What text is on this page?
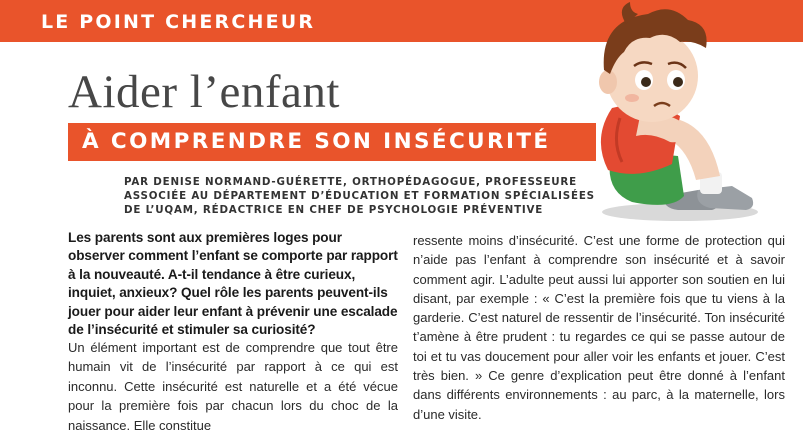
LE POINT CHERCHEUR
Aider l’enfant
À COMPRENDRE SON INSÉCURITÉ
PAR DENISE NORMAND-GUÉRETTE, ORTHOPÉDAGOGUE, PROFESSEURE ASSOCIÉE AU DÉPARTEMENT D’ÉDUCATION ET FORMATION SPÉCIALISÉES DE L’UQAM, RÉDACTRICE EN CHEF DE PSYCHOLOGIE PRÉVENTIVE
Les parents sont aux premières loges pour observer comment l’enfant se comporte par rapport à la nouveauté. A-t-il tendance à être curieux, inquiet, anxieux? Quel rôle les parents peuvent-ils jouer pour aider leur enfant à prévenir une escalade de l’insécurité et stimuler sa curiosité?
Un élément important est de comprendre que tout être humain vit de l’insécurité par rapport à ce qui est inconnu. Cette insécurité est naturelle et a été vécue pour la première fois par chacun lors du choc de la naissance. Elle constitue
ressente moins d’insécurité. C’est une forme de protection qui n’aide pas l’enfant à comprendre son insécurité et à savoir comment agir. L’adulte peut aussi lui apporter son soutien en lui disant, par exemple : « C’est la première fois que tu viens à la garderie. C’est naturel de ressentir de l’insécurité. Ton insécurité t’amène à être prudent : tu regardes ce qui se passe autour de toi et tu vas doucement pour aller voir les enfants et jouer. C’est très bien. » Ce genre d’explication peut être donné à l’enfant dans différents environnements : au parc, à la maternelle, lors d’une visite.
